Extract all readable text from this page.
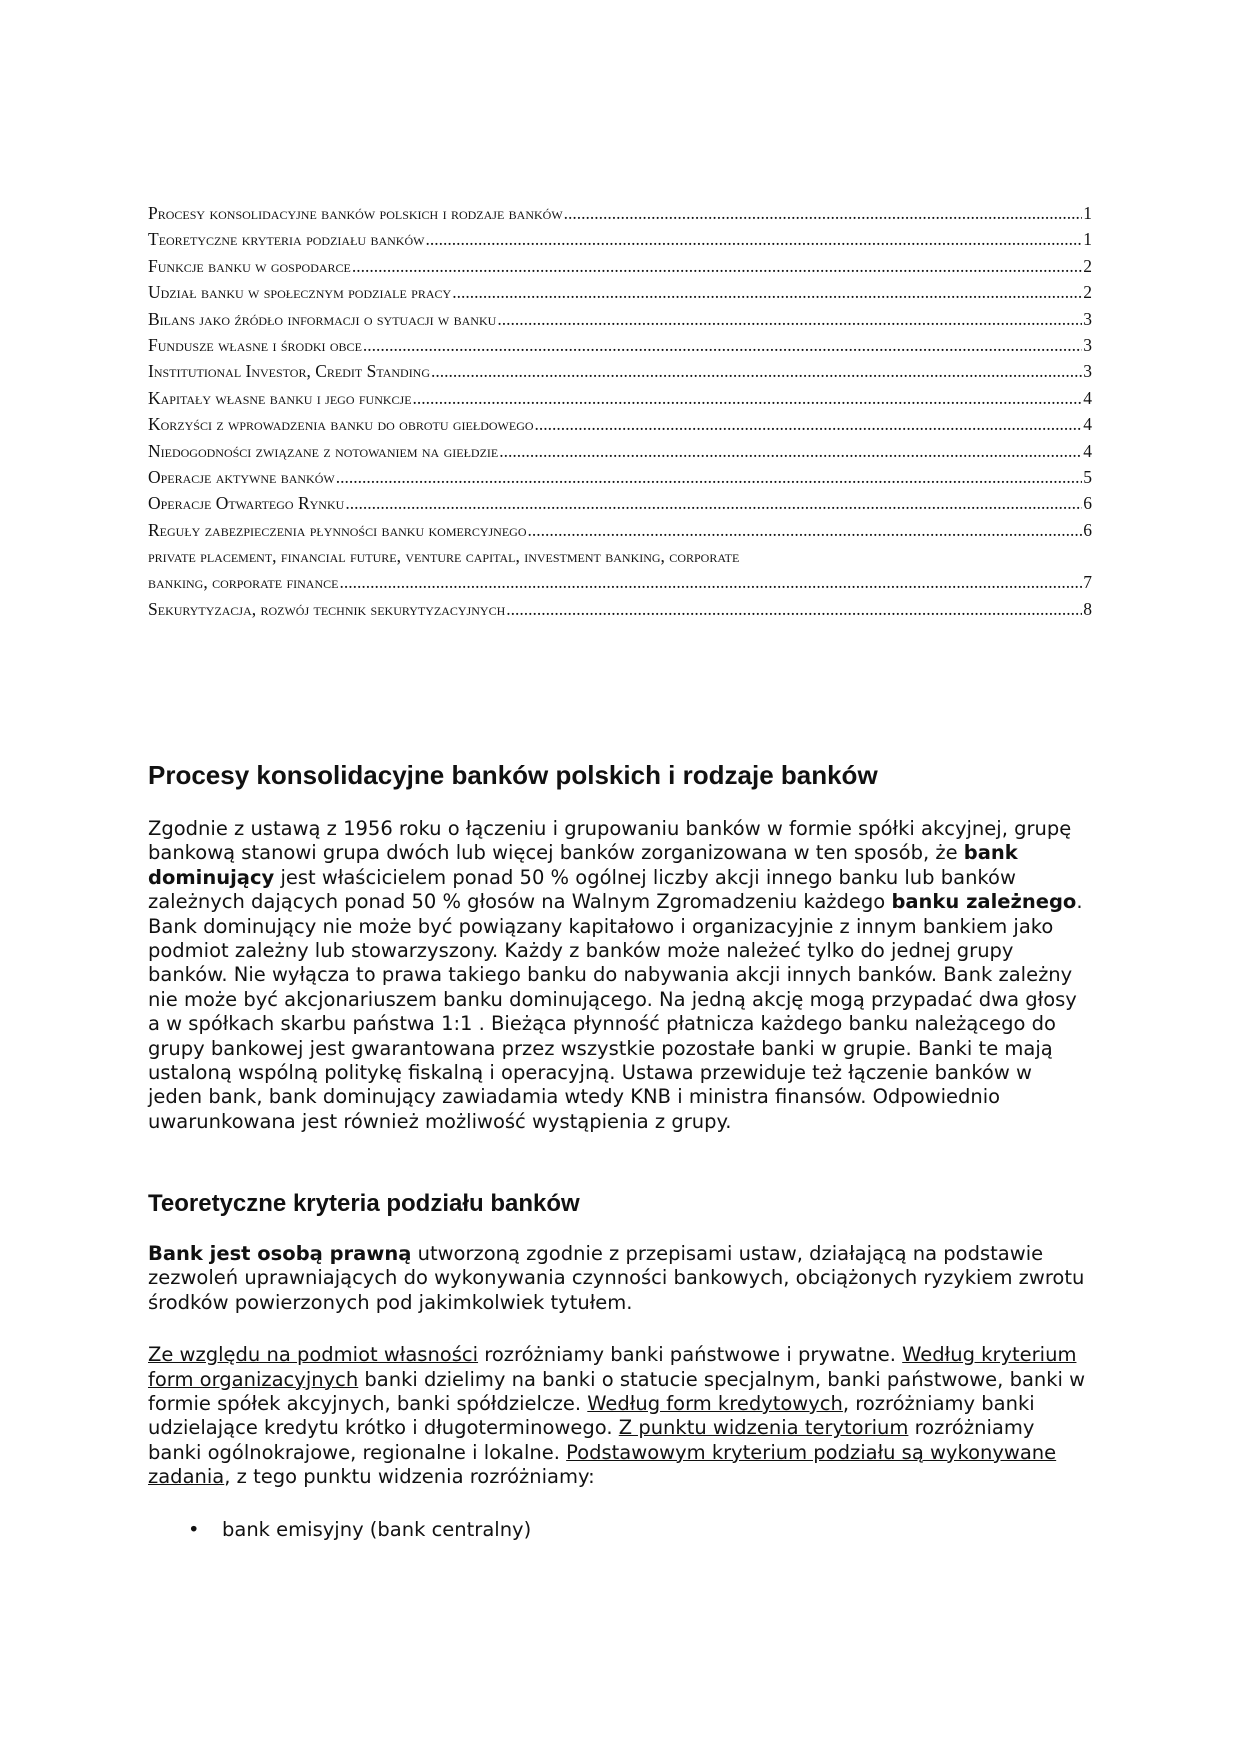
Procesy konsolidacyjne banków polskich i rodzaje banków .....	1
Teoretyczne kryteria podziału banków .....	1
Funkcje banku w gospodarce .....	2
Udział banku w społecznym podziale pracy .....	2
Bilans jako źródło informacji o sytuacji w banku .....	3
Fundusze własne i środki obce .....	3
Institutional Investor, Credit Standing .....	3
Kapitały własne banku i jego funkcje .....	4
Korzyści z wprowadzenia banku do obrotu giełdowego .....	4
Niedogodności związane z notowaniem na giełdzie .....	4
Operacje aktywne banków .....	5
Operacje Otwartego Rynku .....	6
Reguły zabezpieczenia płynności banku komercyjnego .....	6
private placement, financial future, venture capital, investment banking, corporate
banking, corporate finance .....	7
Sekurytyzacja, rozwój technik sekurytyzacyjnych .....	8
Procesy konsolidacyjne banków polskich i rodzaje banków

Zgodnie z ustawą z 1956 roku o łączeniu i grupowaniu banków w formie spółki akcyjnej, grupę bankową stanowi grupa dwóch lub więcej banków zorganizowana w ten sposób, że bank dominujący jest właścicielem ponad 50 % ogólnej liczby akcji innego banku lub banków zależnych dających ponad 50 % głosów na Walnym Zgromadzeniu każdego banku zależnego. Bank dominujący nie może być powiązany kapitałowo i organizacyjnie z innym bankiem jako podmiot zależny lub stowarzyszony. Każdy z banków może należeć tylko do jednej grupy banków. Nie wyłącza to prawa takiego banku do nabywania akcji innych banków. Bank zależny nie może być akcjonariuszem banku dominującego. Na jedną akcję mogą przypadać dwa głosy a w spółkach skarbu państwa 1:1 . Bieżąca płynność płatnicza każdego banku należącego do grupy bankowej jest gwarantowana przez wszystkie pozostałe banki w grupie. Banki te mają ustaloną wspólną politykę fiskalną i operacyjną. Ustawa przewiduje też łączenie banków w jeden bank, bank dominujący zawiadamia wtedy KNB i ministra finansów. Odpowiednio uwarunkowana jest również możliwość wystąpienia z grupy.

Teoretyczne kryteria podziału banków

Bank jest osobą prawną utworzoną zgodnie z przepisami ustaw, działającą na podstawie zezwoleń uprawniających do wykonywania czynności bankowych, obciążonych ryzykiem zwrotu środków powierzonych pod jakimkolwiek tytułem.

Ze względu na podmiot własności rozróżniamy banki państwowe i prywatne. Według kryterium form organizacyjnych banki dzielimy na banki o statucie specjalnym, banki państwowe, banki w formie spółek akcyjnych, banki spółdzielcze. Według form kredytowych, rozróżniamy banki udzielające kredytu krótko i długoterminowego. Z punktu widzenia terytorium rozróżniamy banki ogólnokrajowe, regionalne i lokalne. Podstawowym kryterium podziału są wykonywane zadania, z tego punktu widzenia rozróżniamy:

• bank emisyjny (bank centralny)
